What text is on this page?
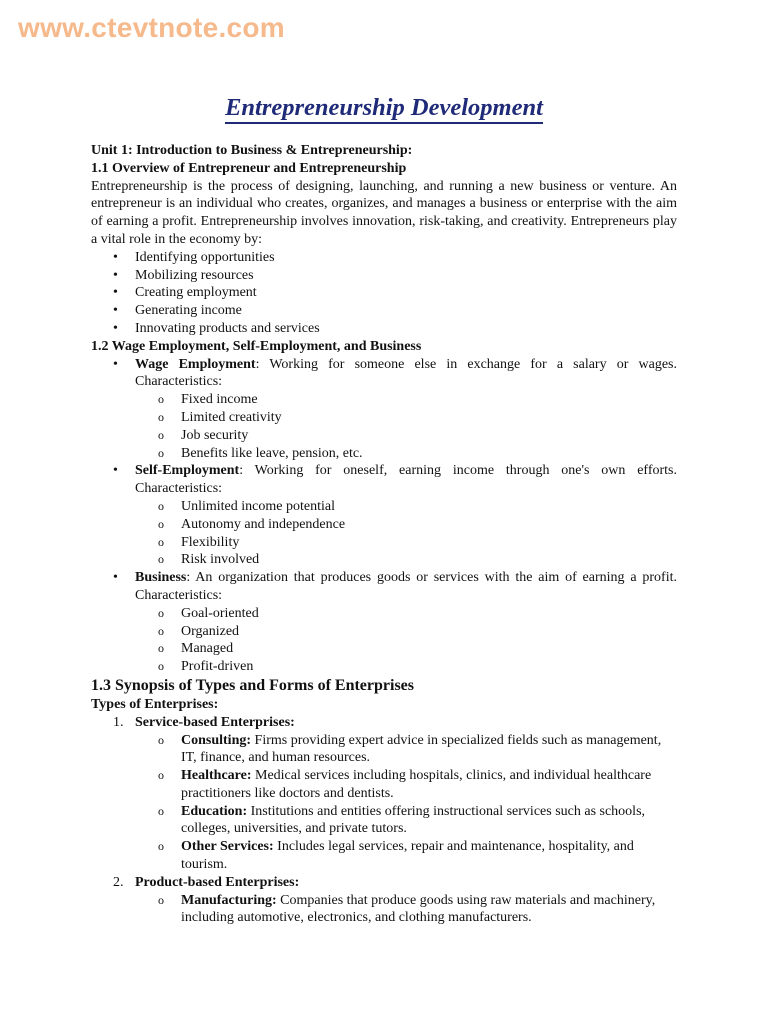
www.ctevtnote.com
Entrepreneurship Development
Unit 1: Introduction to Business & Entrepreneurship:
1.1 Overview of Entrepreneur and Entrepreneurship

Entrepreneurship is the process of designing, launching, and running a new business or venture. An entrepreneur is an individual who creates, organizes, and manages a business or enterprise with the aim of earning a profit. Entrepreneurship involves innovation, risk-taking, and creativity. Entrepreneurs play a vital role in the economy by:

• Identifying opportunities
• Mobilizing resources
• Creating employment
• Generating income
• Innovating products and services
1.2 Wage Employment, Self-Employment, and Business
• Wage Employment: Working for someone else in exchange for a salary or wages. Characteristics:
o Fixed income
o Limited creativity
o Job security
o Benefits like leave, pension, etc.
• Self-Employment: Working for oneself, earning income through one's own efforts. Characteristics:
o Unlimited income potential
o Autonomy and independence
o Flexibility
o Risk involved
• Business: An organization that produces goods or services with the aim of earning a profit. Characteristics:
o Goal-oriented
o Organized
o Managed
o Profit-driven
1.3 Synopsis of Types and Forms of Enterprises
Types of Enterprises:
1. Service-based Enterprises:
o Consulting: Firms providing expert advice in specialized fields such as management, IT, finance, and human resources.
o Healthcare: Medical services including hospitals, clinics, and individual healthcare practitioners like doctors and dentists.
o Education: Institutions and entities offering instructional services such as schools, colleges, universities, and private tutors.
o Other Services: Includes legal services, repair and maintenance, hospitality, and tourism.
2. Product-based Enterprises:
o Manufacturing: Companies that produce goods using raw materials and machinery, including automotive, electronics, and clothing manufacturers.
